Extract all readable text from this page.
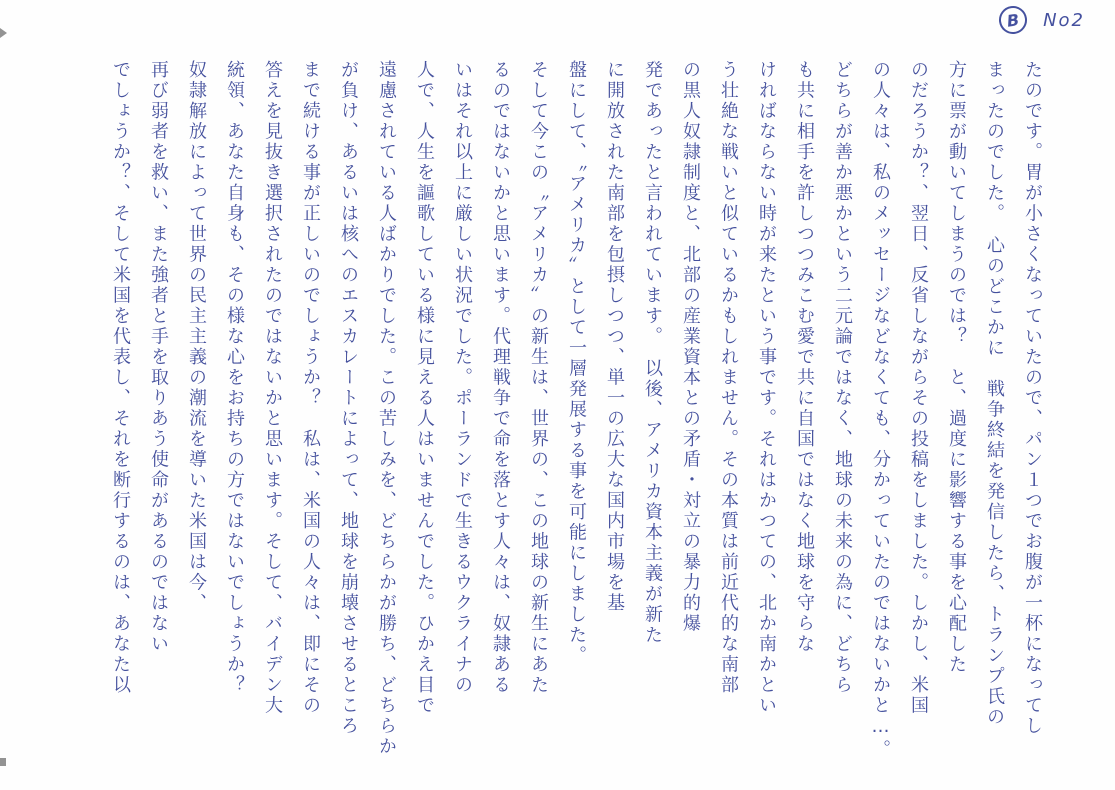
B	No2
たのです。胃が小さくなっていたので、パン１つでお腹が一杯になってし
まったのでした。　心のどこかに　戦争終結を発信したら、トランプ氏の
方に票が動いてしまうのでは？　と、過度に影響する事を心配した
のだろうか？、翌日、反省しながらその投稿をしました。しかし、米国
の人々は、私のメッセージなどなくても、分かっていたのではないかと…。
どちらが善か悪かという二元論ではなく、地球の未来の為に、どちら
も共に相手を許しつつみこむ愛で共に自国ではなく地球を守らな
ければならない時が来たという事です。それはかつての、北か南かとい
う壮絶な戦いと似ているかもしれません。その本質は前近代的な南部
の黒人奴隷制度と、北部の産業資本との矛盾・対立の暴力的爆
発であったと言われています。　以後、アメリカ資本主義が新た
に開放された南部を包摂しつつ、単一の広大な国内市場を基
盤にして、〝アメリカ〟として一層発展する事を可能にしました。
そして今この〝アメリカ〟の新生は、世界の、この地球の新生にあた
るのではないかと思います。代理戦争で命を落とす人々は、奴隷ある
いはそれ以上に厳しい状況でした。ポーランドで生きるウクライナの
人で、人生を謳歌している様に見える人はいませんでした。ひかえ目で
遠慮されている人ばかりでした。この苦しみを、どちらかが勝ち、どちらか
が負け、あるいは核へのエスカレートによって、地球を崩壊させるところ
まで続ける事が正しいのでしょうか？　私は、米国の人々は、即にその
答えを見抜き選択されたのではないかと思います。そして、バイデン大
統領、あなた自身も、その様な心をお持ちの方ではないでしょうか？
奴隷解放によって世界の民主主義の潮流を導いた米国は今、
再び弱者を救い、また強者と手を取りあう使命があるのではない
でしょうか？、そして米国を代表し、それを断行するのは、あなた以
